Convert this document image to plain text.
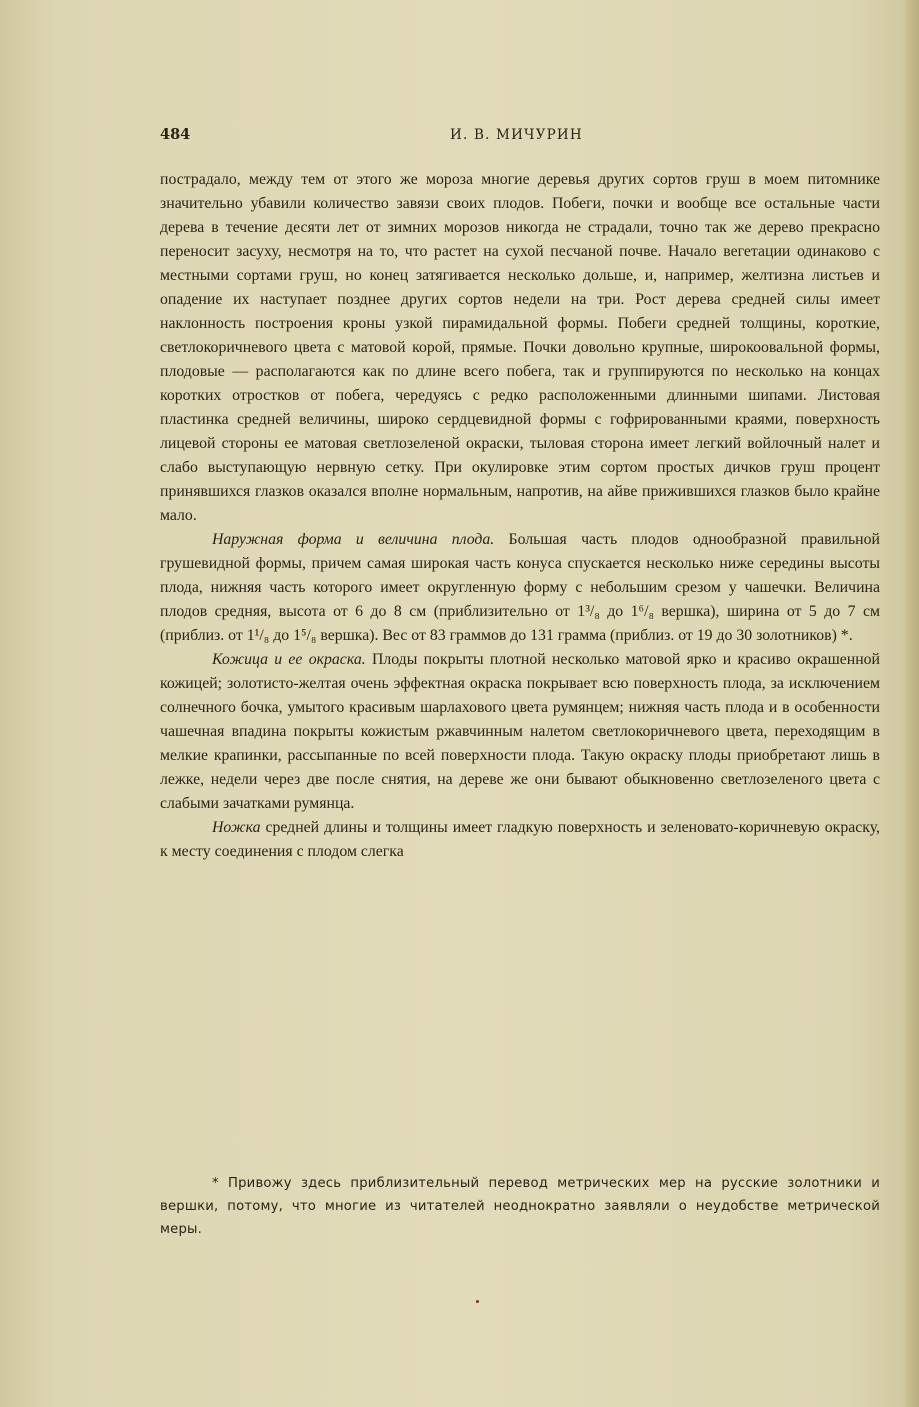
484	И. В. МИЧУРИН

пострадало, между тем от этого же мороза многие деревья других сортов груш в моем питомнике значительно убавили количество завязи своих плодов. Побеги, почки и вообще все остальные части дерева в течение десяти лет от зимних морозов никогда не страдали, точно так же дерево прекрасно переносит засуху, несмотря на то, что растет на сухой песчаной почве. Начало вегетации одинаково с местными сортами груш, но конец затягивается несколько дольше, и, например, желтизна листьев и опадение их наступает позднее других сортов недели на три. Рост дерева средней силы имеет наклонность построения кроны узкой пирамидальной формы. Побеги средней толщины, короткие, светлокоричневого цвета с матовой корой, прямые. Почки довольно крупные, широкоовальной формы, плодовые — располагаются как по длине всего побега, так и группируются по несколько на концах коротких отростков от побега, чередуясь с редко расположенными длинными шипами. Листовая пластинка средней величины, широко сердцевидной формы с гофрированными краями, поверхность лицевой стороны ее матовая светлозеленой окраски, тыловая сторона имеет легкий войлочный налет и слабо выступающую нервную сетку. При окулировке этим сортом простых дичков груш процент принявшихся глазков оказался вполне нормальным, напротив, на айве прижившихся глазков было крайне мало.

Наружная форма и величина плода. Большая часть плодов однообразной правильной грушевидной формы, причем самая широкая часть конуса спускается несколько ниже середины высоты плода, нижняя часть которого имеет округленную форму с небольшим срезом у чашечки. Величина плодов средняя, высота от 6 до 8 см (приблизительно от 1³/₈ до 1⁶/₈ вершка), ширина от 5 до 7 см (приблиз. от 1¹/₈ до 1⁵/₈ вершка). Вес от 83 граммов до 131 грамма (приблиз. от 19 до 30 золотников) *.

Кожица и ее окраска. Плоды покрыты плотной несколько матовой ярко и красиво окрашенной кожицей; золотисто-желтая очень эффектная окраска покрывает всю поверхность плода, за исключением солнечного бочка, умытого красивым шарлахового цвета румянцем; нижняя часть плода и в особенности чашечная впадина покрыты кожистым ржавчинным налетом светлокоричневого цвета, переходящим в мелкие крапинки, рассыпанные по всей поверхности плода. Такую окраску плоды приобретают лишь в лежке, недели через две после снятия, на дереве же они бывают обыкновенно светлозеленого цвета с слабыми зачатками румянца.

Ножка средней длины и толщины имеет гладкую поверхность и зеленовато-коричневую окраску, к месту соединения с плодом слегка

* Привожу здесь приблизительный перевод метрических мер на русские золотники и вершки, потому, что многие из читателей неоднократно заявляли о неудобстве метрической меры.
